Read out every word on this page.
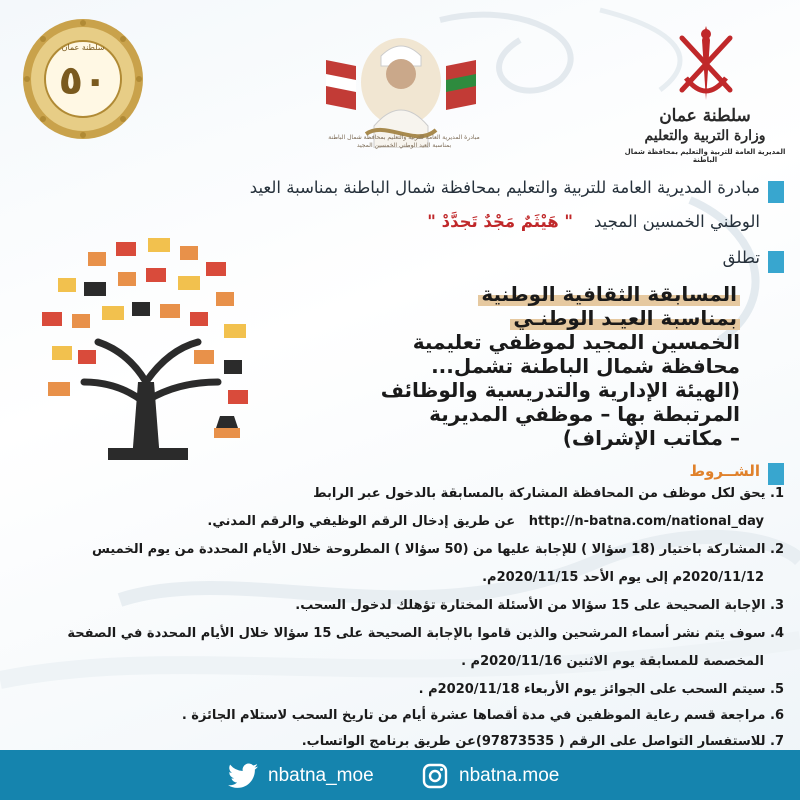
٥٠
سلطنة عمان
مبادرة المديرية العامة للتربية والتعليم بمحافظة شمال الباطنة
بمناسبة العيد الوطني الخمسين المجيد
سلطنة عمان
وزارة التربية والتعليم
المديرية العامة للتربية والتعليم بمحافظة شمال الباطنة
مبادرة المديرية العامة للتربية والتعليم بمحافظة شمال الباطنة بمناسبة العيد
الوطني الخمسين المجيد    " هَيْثَمٌ مَجْدٌ تَجدَّدْ "
تطلق
المسابقة الثقافية الوطنية
بمناسبة العيـد الوطنـي
الخمسين المجيد لموظفي تعليمية
محافظة شمال الباطنة تشمل...
(الهيئة الإدارية والتدريسية والوظائف
المرتبطة بها – موظفي المديرية
– مكاتب الإشراف)
الشــروط
1. يحق لكل موظف من المحافظة المشاركة بالمسابقة بالدخول عبر الرابط
http://n-batna.com/national_day   عن طريق إدخال الرقم الوظيفي والرقم المدني.
2. المشاركة باختيار (18 سؤالا ) للإجابة عليها من (50 سؤالا ) المطروحة خلال الأيام المحددة من يوم الخميس
2020/11/12م إلى يوم الأحد 2020/11/15م.
3. الإجابة الصحيحة على 15 سؤالا من الأسئلة المختارة تؤهلك لدخول السحب.
4. سوف يتم نشر أسماء المرشحين والذين قاموا بالإجابة الصحيحة على 15 سؤالا خلال الأيام المحددة في الصفحة
المخصصة للمسابقة يوم الاثنين 2020/11/16م .
5. سيتم السحب على الجوائز يوم الأربعاء 2020/11/18م .
6. مراجعة قسم رعاية الموظفين في مدة أقصاها عشرة أيام من تاريخ السحب لاستلام الجائزة .
7. للاستفسار التواصل على الرقم ( 97873535)عن طريق برنامج الواتساب.
nbatna_moe	nbatna.moe
